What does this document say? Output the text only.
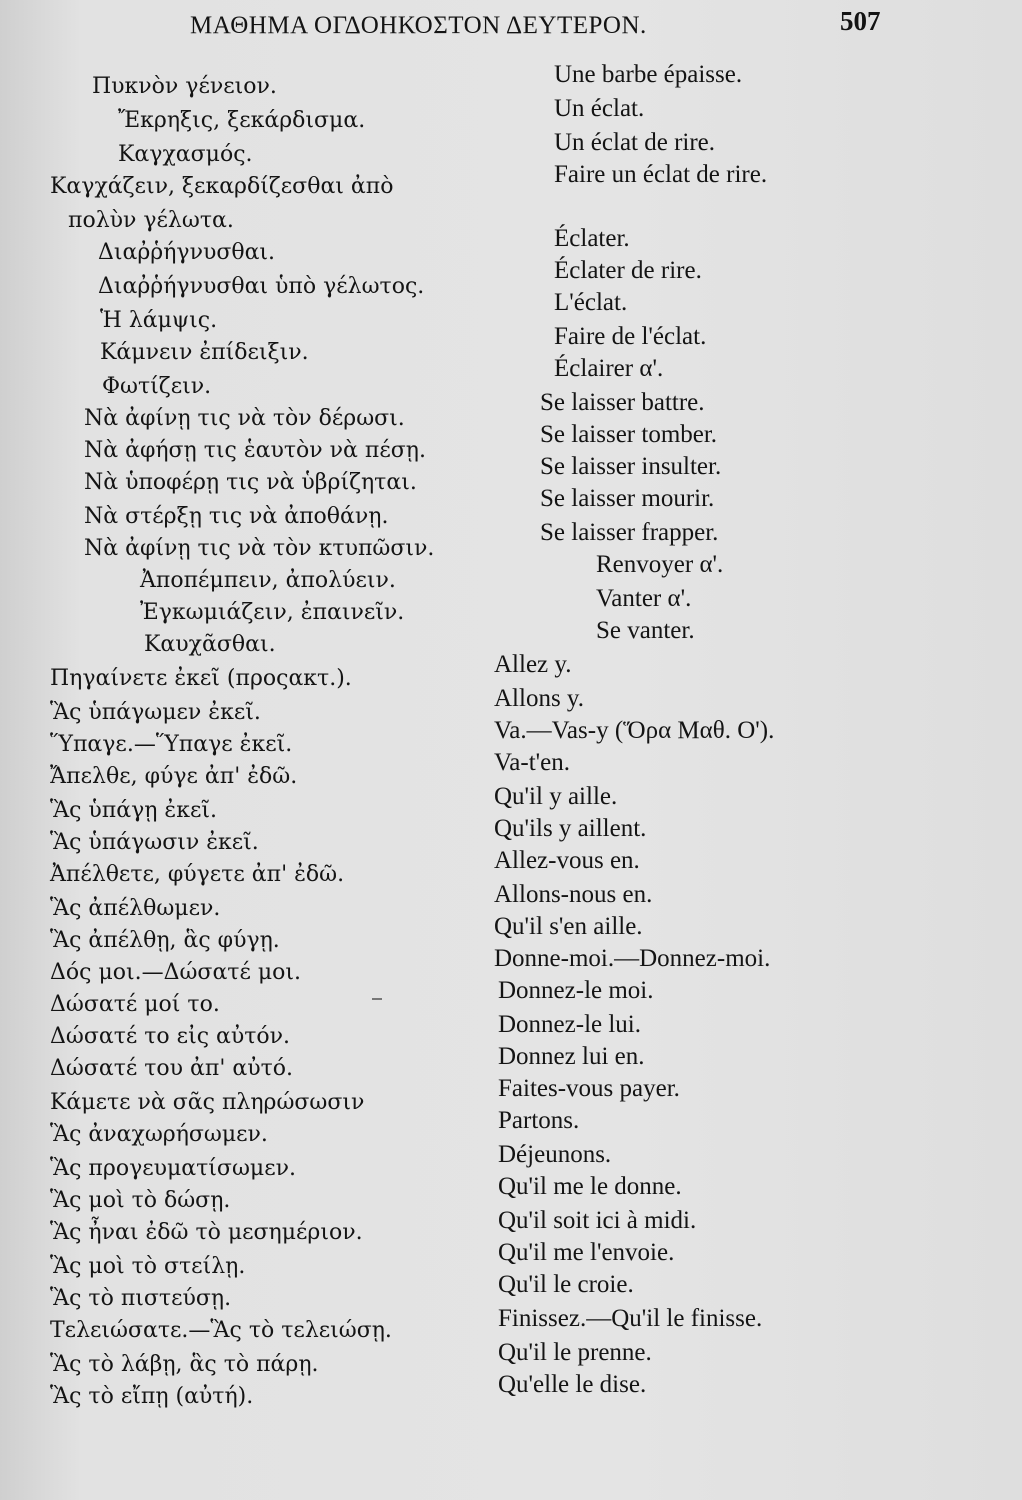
ΜΑΘΗΜΑ ΟΓΔΟΗΚΟΣΤΟΝ ΔΕΥΤΕΡΟΝ.	507
Πυκνὸν γένειον.
Ἔκρηξις, ξεκάρδισμα.
Καγχασμός.
Καγχάζειν, ξεκαρδίζεσθαι ἀπὸ
πολὺν γέλωτα.
Διαῤῥήγνυσθαι.
Διαῤῥήγνυσθαι ὑπὸ γέλωτος.
Ἡ λάμψις.
Κάμνειν ἐπίδειξιν.
Φωτίζειν.
Νὰ ἀφίνῃ τις νὰ τὸν δέρωσι.
Νὰ ἀφήσῃ τις ἑαυτὸν νὰ πέσῃ.
Νὰ ὑποφέρῃ τις νὰ ὑβρίζηται.
Νὰ στέρξῃ τις νὰ ἀποθάνῃ.
Νὰ ἀφίνῃ τις νὰ τὸν κτυπῶσιν.
Ἀποπέμπειν, ἀπολύειν.
Ἐγκωμιάζειν, ἐπαινεῖν.
Καυχᾶσθαι.
Πηγαίνετε ἐκεῖ (προςακτ.).
Ἃς ὑπάγωμεν ἐκεῖ.
Ὕπαγε.—Ὕπαγε ἐκεῖ.
Ἄπελθε, φύγε ἀπ' ἐδῶ.
Ἃς ὑπάγῃ ἐκεῖ.
Ἃς ὑπάγωσιν ἐκεῖ.
Ἀπέλθετε, φύγετε ἀπ' ἐδῶ.
Ἃς ἀπέλθωμεν.
Ἃς ἀπέλθῃ, ἃς φύγῃ.
Δός μοι.—Δώσατέ μοι.
Δώσατέ μοί το.
Δώσατέ το εἰς αὐτόν.
Δώσατέ του ἀπ' αὐτό.
Κάμετε νὰ σᾶς πληρώσωσιν
Ἃς ἀναχωρήσωμεν.
Ἃς προγευματίσωμεν.
Ἃς μοὶ τὸ δώσῃ.
Ἃς ἦναι ἐδῶ τὸ μεσημέριον.
Ἃς μοὶ τὸ στείλῃ.
Ἃς τὸ πιστεύσῃ.
Τελειώσατε.—Ἃς τὸ τελειώσῃ.
Ἃς τὸ λάβῃ, ἃς τὸ πάρῃ.
Ἃς τὸ εἴπῃ (αὐτή).
Une barbe épaisse.
Un éclat.
Un éclat de rire.
Faire un éclat de rire.
Éclater.
Éclater de rire.
L'éclat.
Faire de l'éclat.
Éclairer α'.
Se laisser battre.
Se laisser tomber.
Se laisser insulter.
Se laisser mourir.
Se laisser frapper.
Renvoyer α'.
Vanter α'.
Se vanter.
Allez y.
Allons y.
Va.—Vas-y (Ὅρα Μαθ. Ο').
Va-t'en.
Qu'il y aille.
Qu'ils y aillent.
Allez-vous en.
Allons-nous en.
Qu'il s'en aille.
Donne-moi.—Donnez-moi.
Donnez-le moi.
Donnez-le lui.
Donnez lui en.
Faites-vous payer.
Partons.
Déjeunons.
Qu'il me le donne.
Qu'il soit ici à midi.
Qu'il me l'envoie.
Qu'il le croie.
Finissez.—Qu'il le finisse.
Qu'il le prenne.
Qu'elle le dise.
